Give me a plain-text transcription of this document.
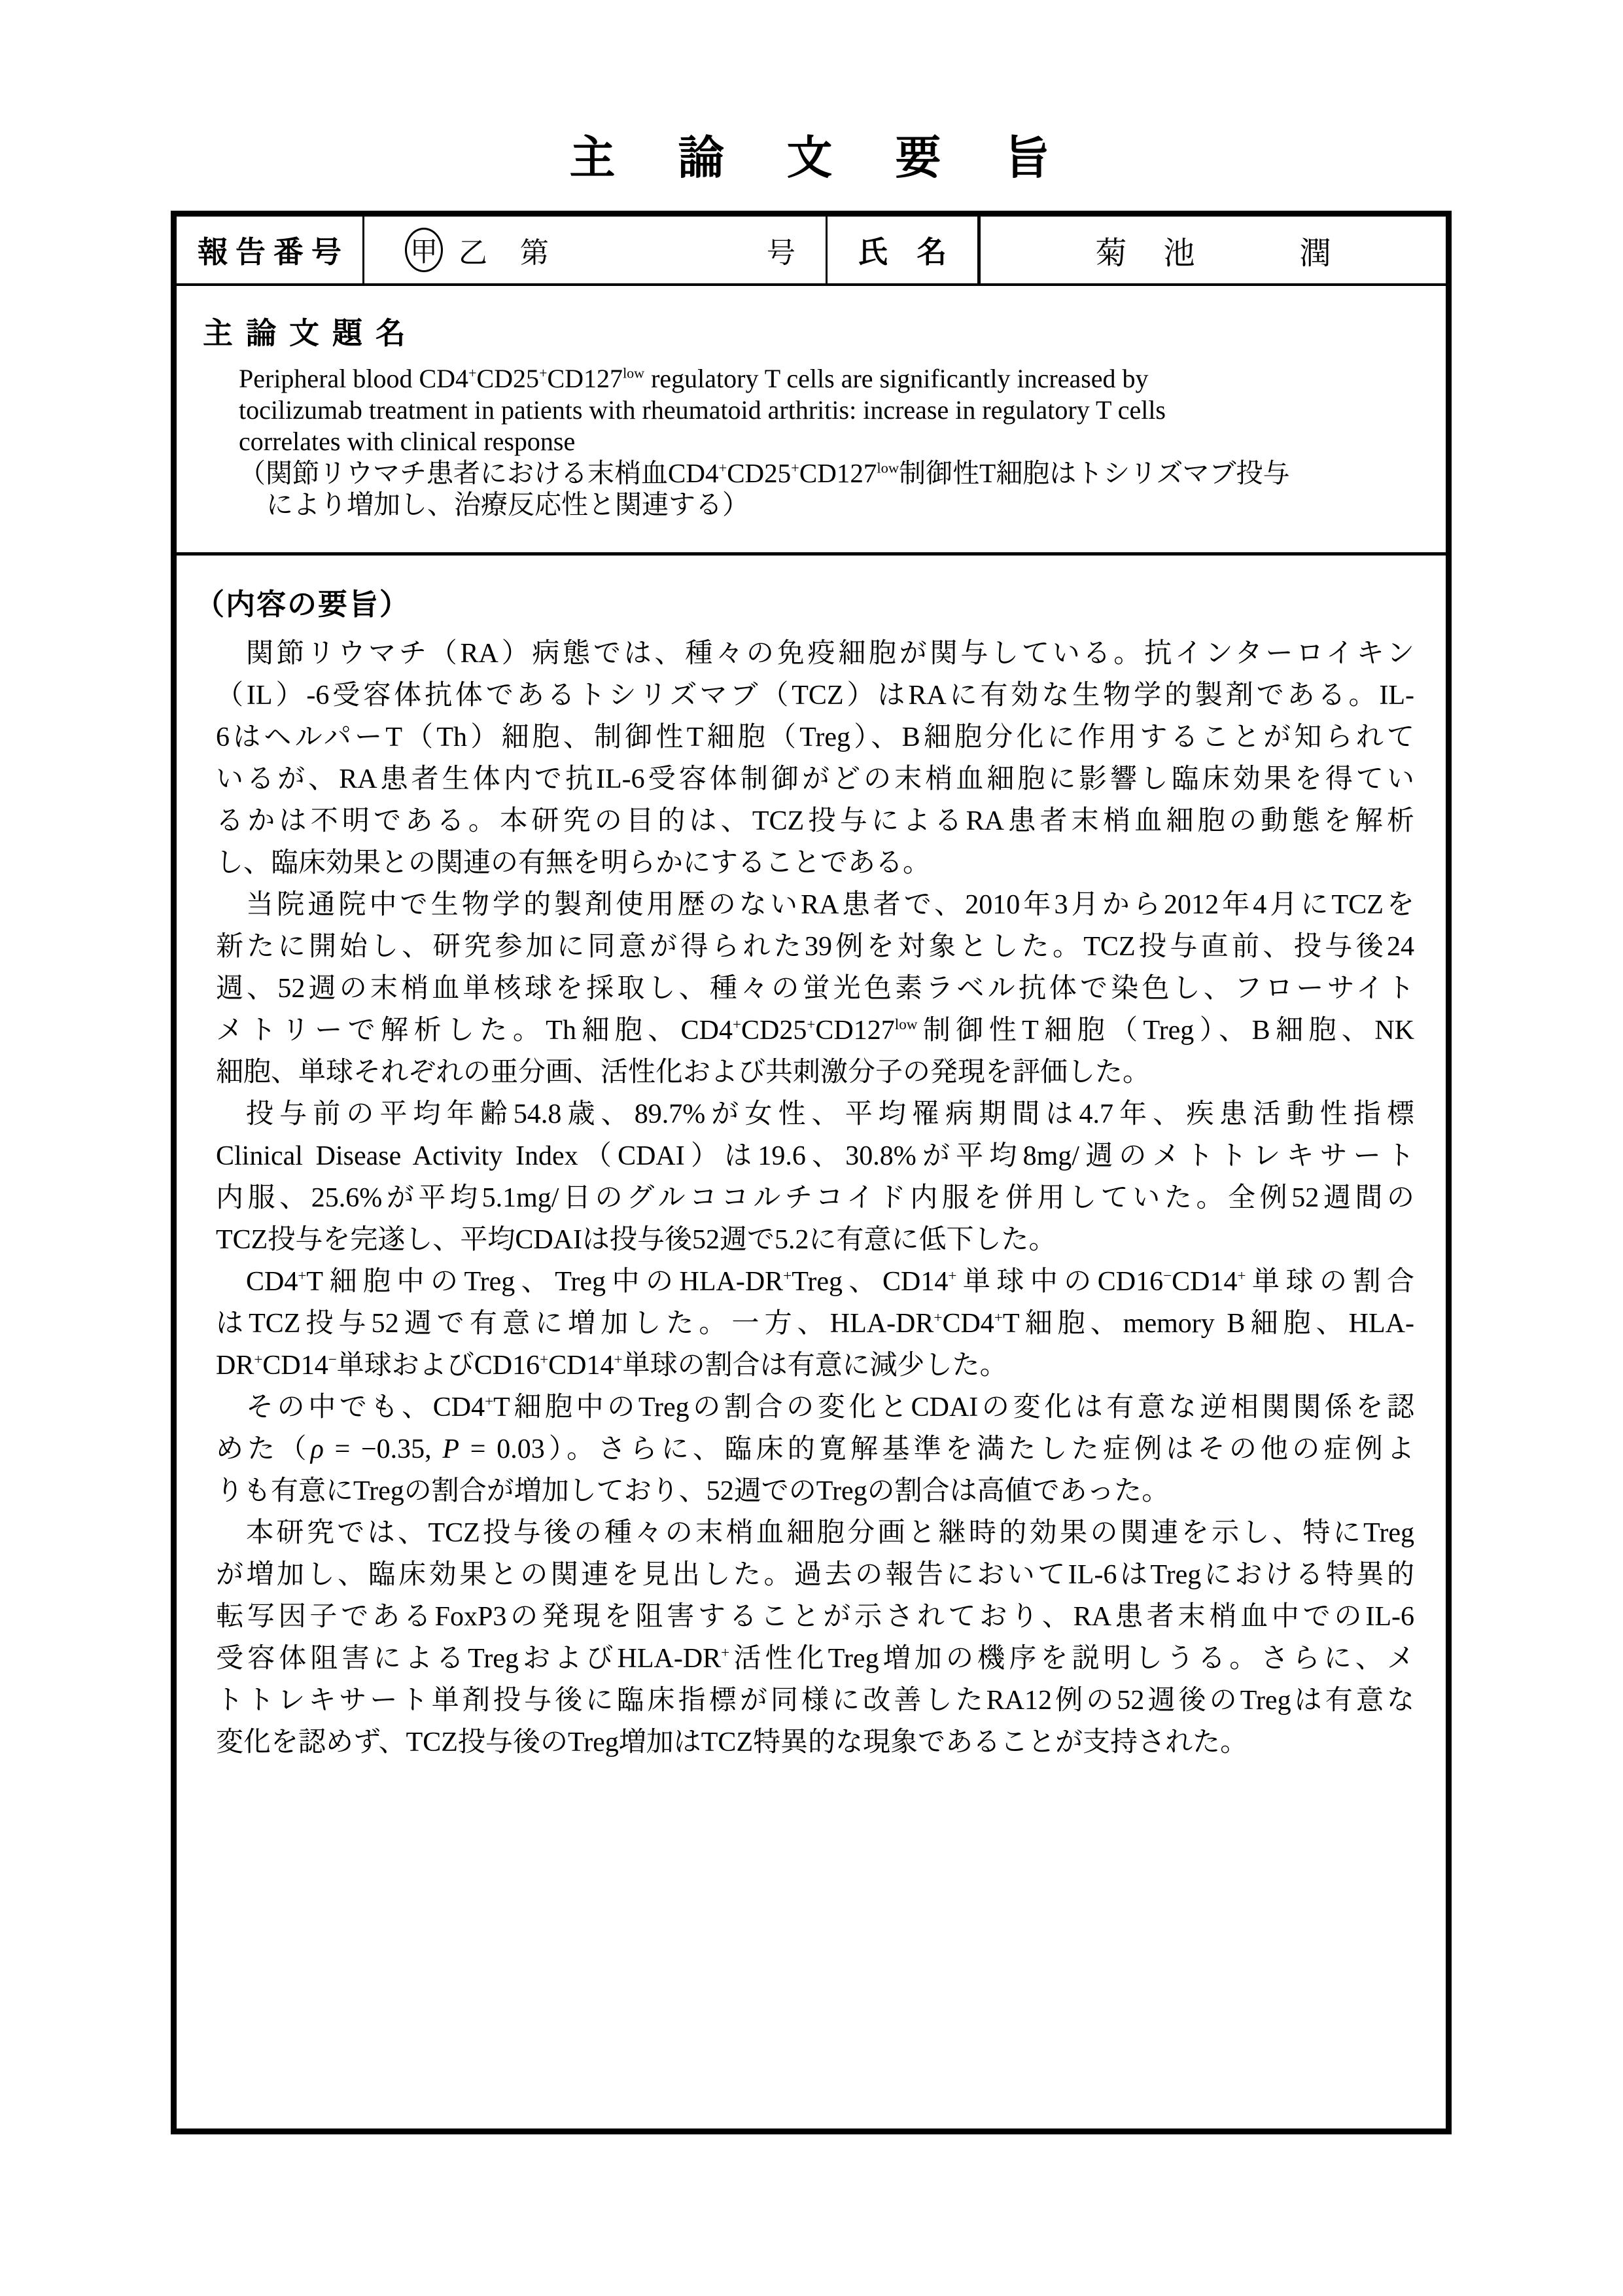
主論文要旨
報告番号	甲 乙 第	号	氏名	菊池　潤
主論文題名
Peripheral blood $CD4^+CD25^+CD127^{low}$ regulatory T cells are significantly increased by
tocilizumab treatment in patients with rheumatoid arthritis: increase in regulatory T cells
correlates with clinical response
（関節リウマチ患者における末梢血$CD4^+CD25^+CD127^{low}$制御性T細胞はトシリズマブ投与
により増加し、治療反応性と関連する）
（内容の要旨）
関節リウマチ（RA）病態では、種々の免疫細胞が関与している。抗インターロイキン
（IL）-6受容体抗体であるトシリズマブ（TCZ）はRAに有効な生物学的製剤である。IL-
6はヘルパーT（Th）細胞、制御性T細胞（Treg）、B細胞分化に作用することが知られて
いるが、RA患者生体内で抗IL-6受容体制御がどの末梢血細胞に影響し臨床効果を得てい
るかは不明である。本研究の目的は、TCZ投与によるRA患者末梢血細胞の動態を解析
し、臨床効果との関連の有無を明らかにすることである。
当院通院中で生物学的製剤使用歴のないRA患者で、2010年3月から2012年4月にTCZを
新たに開始し、研究参加に同意が得られた39例を対象とした。TCZ投与直前、投与後24
週、52週の末梢血単核球を採取し、種々の蛍光色素ラベル抗体で染色し、フローサイト
メトリーで解析した。Th細胞、$CD4^+CD25^+CD127^{low}$制御性T細胞（Treg）、B細胞、NK
細胞、単球それぞれの亜分画、活性化および共刺激分子の発現を評価した。
投与前の平均年齢54.8歳、89.7%が女性、平均罹病期間は4.7年、疾患活動性指標
Clinical Disease Activity Index（CDAI）は19.6、30.8%が平均8mg/週のメトトレキサート
内服、25.6%が平均5.1mg/日のグルココルチコイド内服を併用していた。全例52週間の
TCZ投与を完遂し、平均CDAIは投与後52週で5.2に有意に低下した。
CD4+T細胞中のTreg、Treg中のHLA-DR+Treg、CD14+単球中のCD16−CD14+単球の割合
はTCZ投与52週で有意に増加した。一方、HLA-DR+CD4+T細胞、memory B細胞、HLA-
DR+CD14−単球およびCD16+CD14+単球の割合は有意に減少した。
その中でも、CD4+T細胞中のTregの割合の変化とCDAIの変化は有意な逆相関関係を認
めた（ρ = −0.35, P = 0.03）。さらに、臨床的寛解基準を満たした症例はその他の症例よ
りも有意にTregの割合が増加しており、52週でのTregの割合は高値であった。
本研究では、TCZ投与後の種々の末梢血細胞分画と継時的効果の関連を示し、特にTreg
が増加し、臨床効果との関連を見出した。過去の報告においてIL-6はTregにおける特異的
転写因子であるFoxP3の発現を阻害することが示されており、RA患者末梢血中でのIL-6
受容体阻害によるTregおよびHLA-DR+活性化Treg増加の機序を説明しうる。さらに、メ
トトレキサート単剤投与後に臨床指標が同様に改善したRA12例の52週後のTregは有意な
変化を認めず、TCZ投与後のTreg増加はTCZ特異的な現象であることが支持された。
